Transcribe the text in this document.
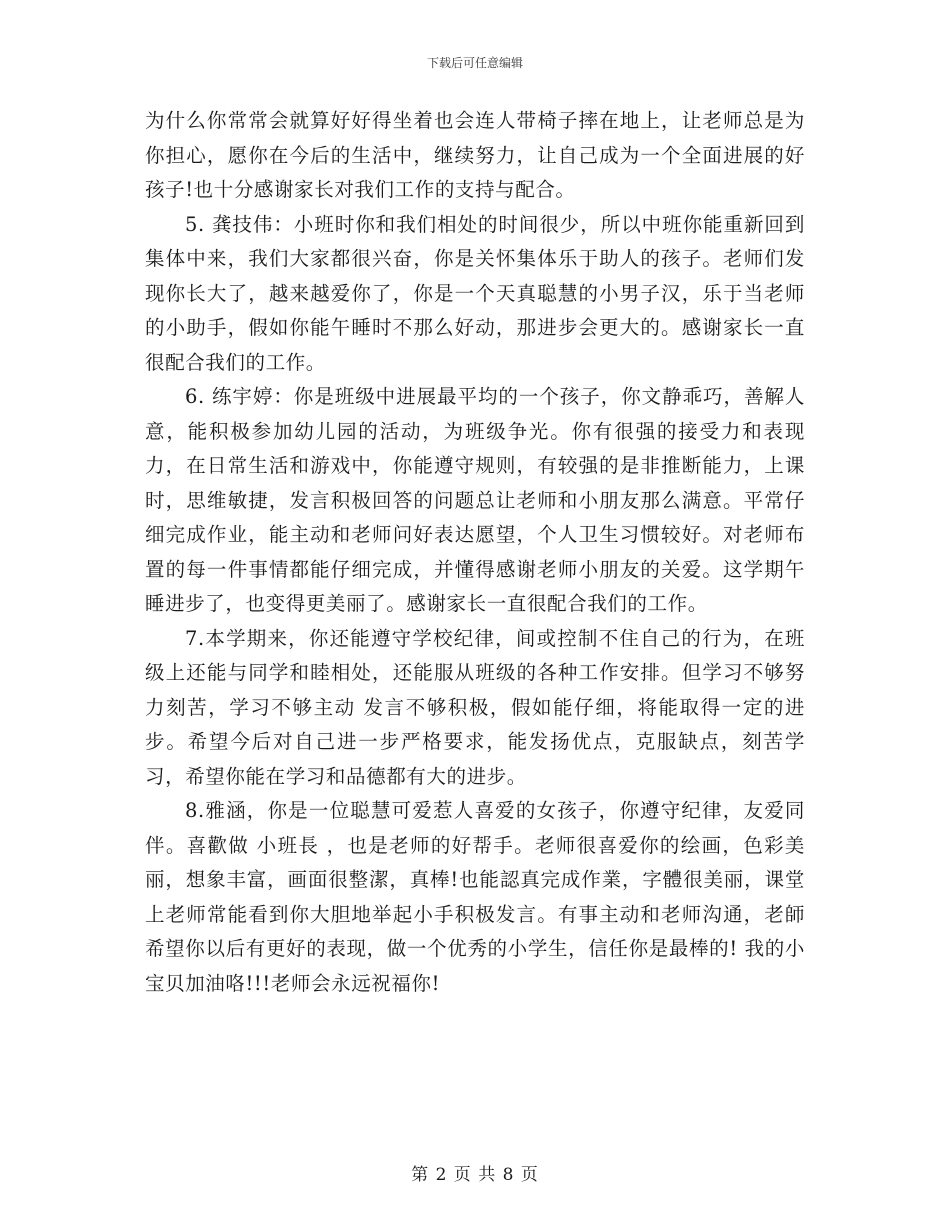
下载后可任意编辑

为什么你常常会就算好好得坐着也会连人带椅子摔在地上，让老师总是为你担心，愿你在今后的生活中，继续努力，让自己成为一个全面进展的好孩子!也十分感谢家长对我们工作的支持与配合。

5. 龚技伟：小班时你和我们相处的时间很少，所以中班你能重新回到集体中来，我们大家都很兴奋，你是关怀集体乐于助人的孩子。老师们发现你长大了，越来越爱你了，你是一个天真聪慧的小男子汉，乐于当老师的小助手，假如你能午睡时不那么好动，那进步会更大的。感谢家长一直很配合我们的工作。

6. 练宇婷：你是班级中进展最平均的一个孩子，你文静乖巧，善解人意，能积极参加幼儿园的活动，为班级争光。你有很强的接受力和表现力，在日常生活和游戏中，你能遵守规则，有较强的是非推断能力，上课时，思维敏捷，发言积极回答的问题总让老师和小朋友那么满意。平常仔细完成作业，能主动和老师问好表达愿望，个人卫生习惯较好。对老师布置的每一件事情都能仔细完成，并懂得感谢老师小朋友的关爱。这学期午睡进步了，也变得更美丽了。感谢家长一直很配合我们的工作。

7.本学期来，你还能遵守学校纪律，间或控制不住自己的行为，在班级上还能与同学和睦相处，还能服从班级的各种工作安排。但学习不够努力刻苦，学习不够主动 发言不够积极，假如能仔细，将能取得一定的进步。希望今后对自己进一步严格要求，能发扬优点，克服缺点，刻苦学习，希望你能在学习和品德都有大的进步。

8.雅涵，你是一位聪慧可爱惹人喜爱的女孩子，你遵守纪律，友爱同伴。喜歡做 小班長 ，也是老师的好帮手。老师很喜爱你的绘画，色彩美丽，想象丰富，画面很整潔，真棒!也能認真完成作業，字體很美丽，课堂上老师常能看到你大胆地举起小手积极发言。有事主动和老师沟通，老師希望你以后有更好的表现，做一个优秀的小学生，信任你是最棒的! 我的小宝贝加油咯!!!老师会永远祝福你!

第 2 页 共 8 页
